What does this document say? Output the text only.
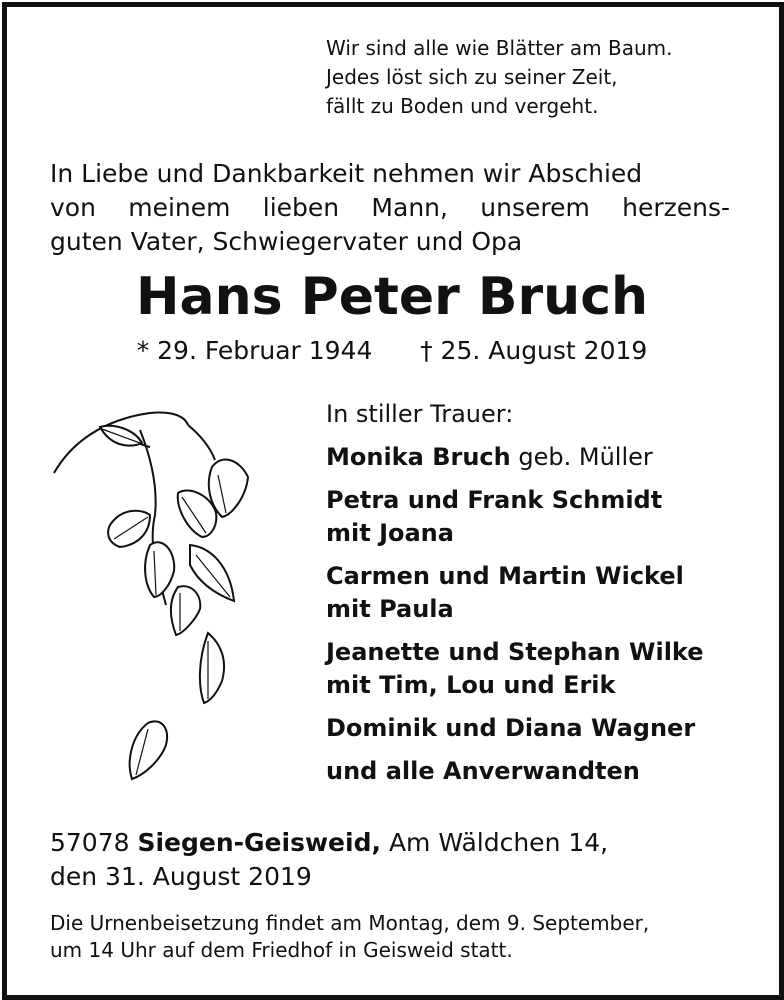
Wir sind alle wie Blätter am Baum.
Jedes löst sich zu seiner Zeit,
fällt zu Boden und vergeht.
In Liebe und Dankbarkeit nehmen wir Abschied
von meinem lieben Mann, unserem herzens-
guten Vater, Schwiegervater und Opa
Hans Peter Bruch
* 29. Februar 1944 † 25. August 2019
In stiller Trauer:
Monika Bruch geb. Müller
Petra und Frank Schmidt
mit Joana
Carmen und Martin Wickel
mit Paula
Jeanette und Stephan Wilke
mit Tim, Lou und Erik
Dominik und Diana Wagner
und alle Anverwandten
57078 Siegen-Geisweid, Am Wäldchen 14,
den 31. August 2019
Die Urnenbeisetzung findet am Montag, dem 9. September,
um 14 Uhr auf dem Friedhof in Geisweid statt.
